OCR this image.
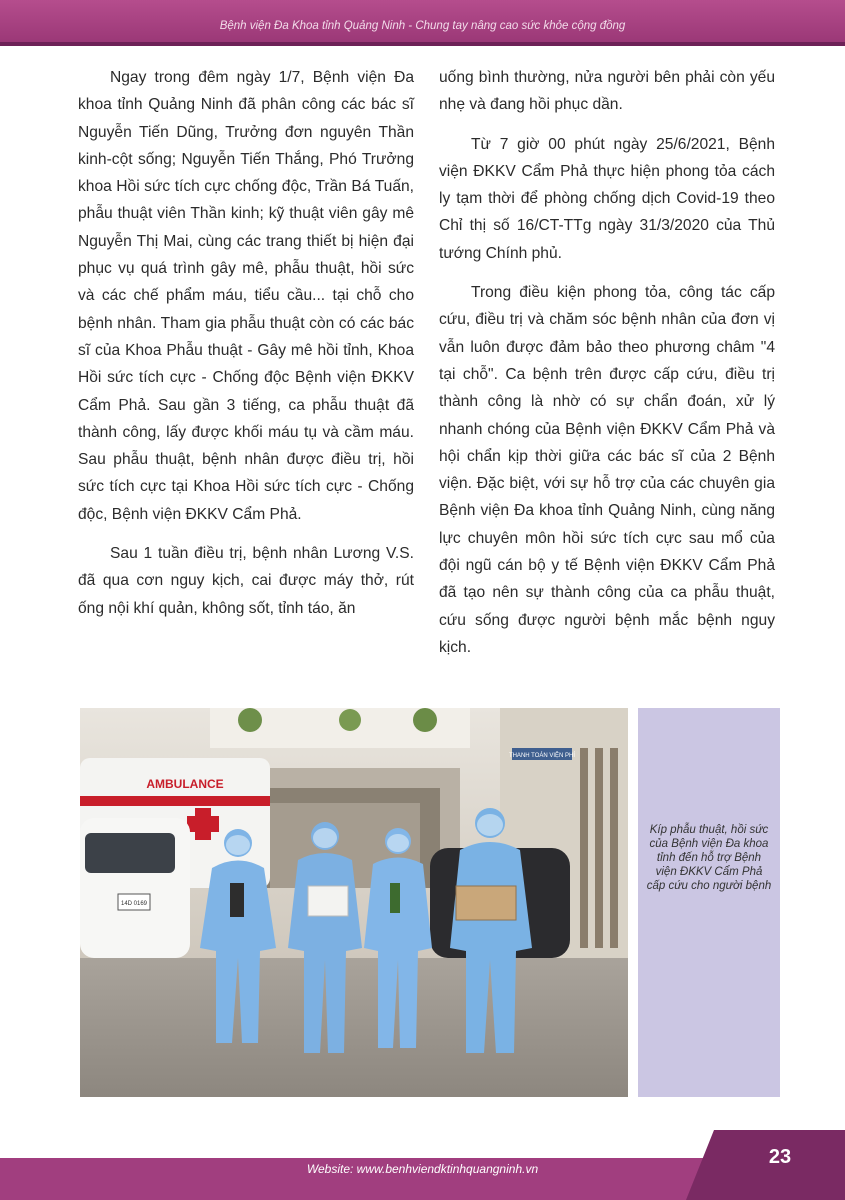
Bệnh viện Đa Khoa tỉnh Quảng Ninh - Chung tay nâng cao sức khỏe cộng đồng

Ngay trong đêm ngày 1/7, Bệnh viện Đa khoa tỉnh Quảng Ninh đã phân công các bác sĩ Nguyễn Tiến Dũng, Trưởng đơn nguyên Thần kinh-cột sống; Nguyễn Tiến Thắng, Phó Trưởng khoa Hồi sức tích cực chống độc, Trần Bá Tuấn, phẫu thuật viên Thần kinh; kỹ thuật viên gây mê Nguyễn Thị Mai, cùng các trang thiết bị hiện đại phục vụ quá trình gây mê, phẫu thuật, hồi sức và các chế phẩm máu, tiểu cầu... tại chỗ cho bệnh nhân. Tham gia phẫu thuật còn có các bác sĩ của Khoa Phẫu thuật - Gây mê hồi tỉnh, Khoa Hồi sức tích cực - Chống độc Bệnh viện ĐKKV Cẩm Phả. Sau gần 3 tiếng, ca phẫu thuật đã thành công, lấy được khối máu tụ và cầm máu. Sau phẫu thuật, bệnh nhân được điều trị, hồi sức tích cực tại Khoa Hồi sức tích cực - Chống độc, Bệnh viện ĐKKV Cẩm Phả.

Sau 1 tuần điều trị, bệnh nhân Lương V.S. đã qua cơn nguy kịch, cai được máy thở, rút ống nội khí quản, không sốt, tỉnh táo, ăn

uống bình thường, nửa người bên phải còn yếu nhẹ và đang hồi phục dần.

Từ 7 giờ 00 phút ngày 25/6/2021, Bệnh viện ĐKKV Cẩm Phả thực hiện phong tỏa cách ly tạm thời để phòng chống dịch Covid-19 theo Chỉ thị số 16/CT-TTg ngày 31/3/2020 của Thủ tướng Chính phủ.

Trong điều kiện phong tỏa, công tác cấp cứu, điều trị và chăm sóc bệnh nhân của đơn vị vẫn luôn được đảm bảo theo phương châm "4 tại chỗ". Ca bệnh trên được cấp cứu, điều trị thành công là nhờ có sự chẩn đoán, xử lý nhanh chóng của Bệnh viện ĐKKV Cẩm Phả và hội chẩn kịp thời giữa các bác sĩ của 2 Bệnh viện. Đặc biệt, với sự hỗ trợ của các chuyên gia Bệnh viện Đa khoa tỉnh Quảng Ninh, cùng năng lực chuyên môn hồi sức tích cực sau mổ của đội ngũ cán bộ y tế Bệnh viện ĐKKV Cẩm Phả đã tạo nên sự thành công của ca phẫu thuật, cứu sống được người bệnh mắc bệnh nguy kịch.

THANH TOÁN VIỆN PHÍ
AMBULANCE
14D 0169
Kíp phẫu thuật, hồi sức của Bệnh viện Đa khoa tỉnh đến hỗ trợ Bệnh viện ĐKKV Cẩm Phả cấp cứu cho người bệnh
Website: www.benhviendktinhquangninh.vn
23
